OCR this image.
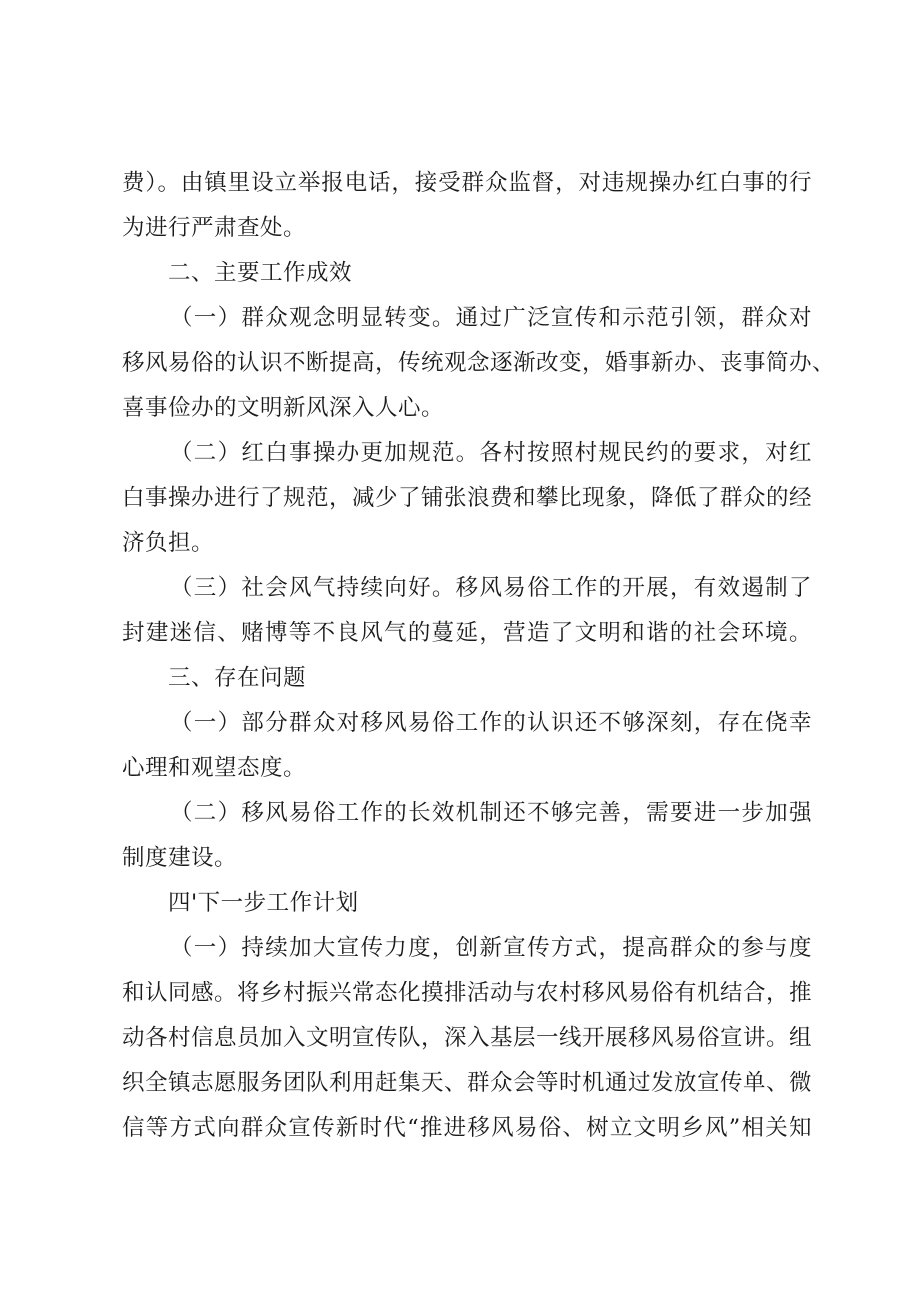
费）。由镇里设立举报电话，接受群众监督，对违规操办红白事的行
为进行严肃查处。
二、主要工作成效
（一）群众观念明显转变。通过广泛宣传和示范引领，群众对
移风易俗的认识不断提高，传统观念逐渐改变，婚事新办、丧事简办、
喜事俭办的文明新风深入人心。
（二）红白事操办更加规范。各村按照村规民约的要求，对红
白事操办进行了规范，减少了铺张浪费和攀比现象，降低了群众的经
济负担。
（三）社会风气持续向好。移风易俗工作的开展，有效遏制了
封建迷信、赌博等不良风气的蔓延，营造了文明和谐的社会环境。
三、存在问题
（一）部分群众对移风易俗工作的认识还不够深刻，存在侥幸
心理和观望态度。
（二）移风易俗工作的长效机制还不够完善，需要进一步加强
制度建设。
四'下一步工作计划
（一）持续加大宣传力度，创新宣传方式，提高群众的参与度
和认同感。将乡村振兴常态化摸排活动与农村移风易俗有机结合，推
动各村信息员加入文明宣传队，深入基层一线开展移风易俗宣讲。组
织全镇志愿服务团队利用赶集天、群众会等时机通过发放宣传单、微
信等方式向群众宣传新时代“推进移风易俗、树立文明乡风”相关知
